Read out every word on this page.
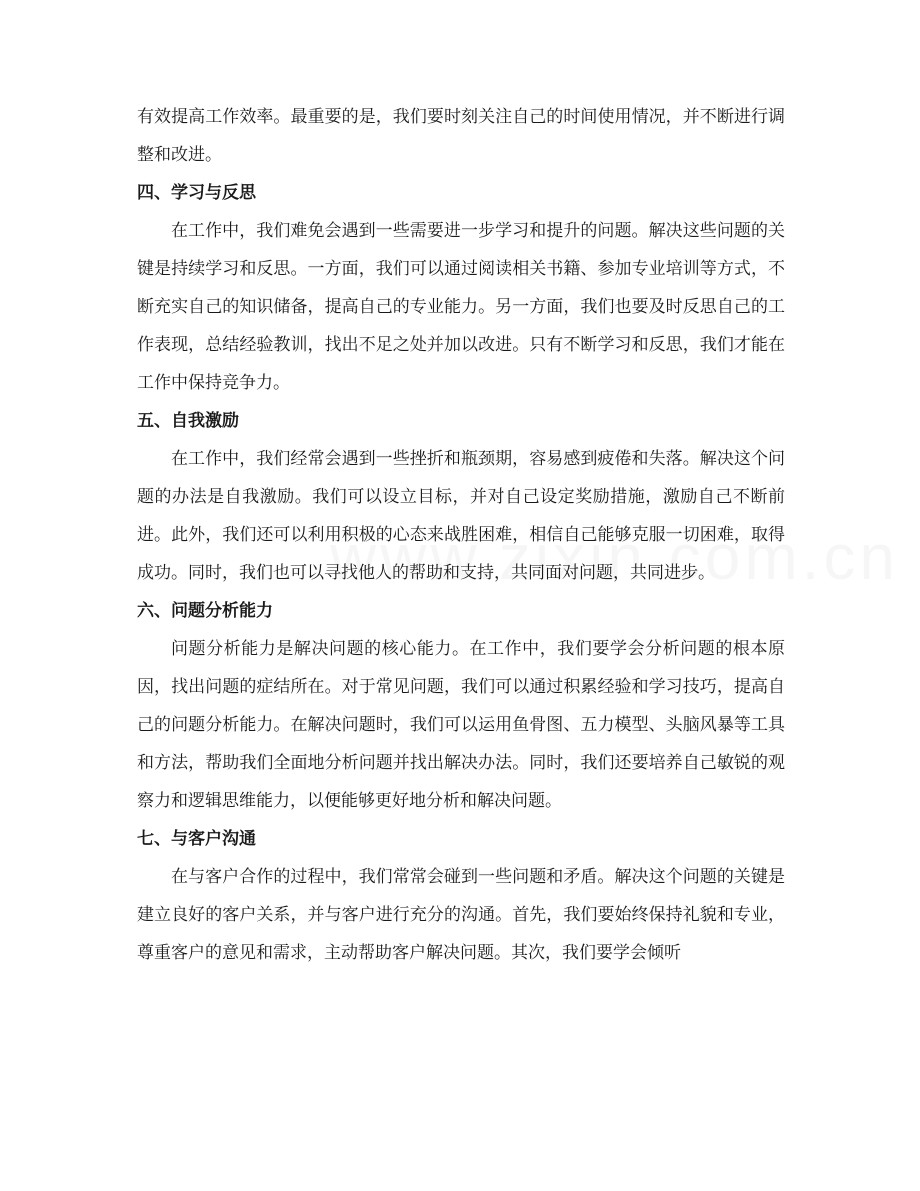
有效提高工作效率。最重要的是，我们要时刻关注自己的时间使用情况，并不断进行调整和改进。

四、学习与反思

在工作中，我们难免会遇到一些需要进一步学习和提升的问题。解决这些问题的关键是持续学习和反思。一方面，我们可以通过阅读相关书籍、参加专业培训等方式，不断充实自己的知识储备，提高自己的专业能力。另一方面，我们也要及时反思自己的工作表现，总结经验教训，找出不足之处并加以改进。只有不断学习和反思，我们才能在工作中保持竞争力。

五、自我激励

在工作中，我们经常会遇到一些挫折和瓶颈期，容易感到疲倦和失落。解决这个问题的办法是自我激励。我们可以设立目标，并对自己设定奖励措施，激励自己不断前进。此外，我们还可以利用积极的心态来战胜困难，相信自己能够克服一切困难，取得成功。同时，我们也可以寻找他人的帮助和支持，共同面对问题，共同进步。

六、问题分析能力

问题分析能力是解决问题的核心能力。在工作中，我们要学会分析问题的根本原因，找出问题的症结所在。对于常见问题，我们可以通过积累经验和学习技巧，提高自己的问题分析能力。在解决问题时，我们可以运用鱼骨图、五力模型、头脑风暴等工具和方法，帮助我们全面地分析问题并找出解决办法。同时，我们还要培养自己敏锐的观察力和逻辑思维能力，以便能够更好地分析和解决问题。

七、与客户沟通

在与客户合作的过程中，我们常常会碰到一些问题和矛盾。解决这个问题的关键是建立良好的客户关系，并与客户进行充分的沟通。首先，我们要始终保持礼貌和专业，尊重客户的意见和需求，主动帮助客户解决问题。其次，我们要学会倾听
